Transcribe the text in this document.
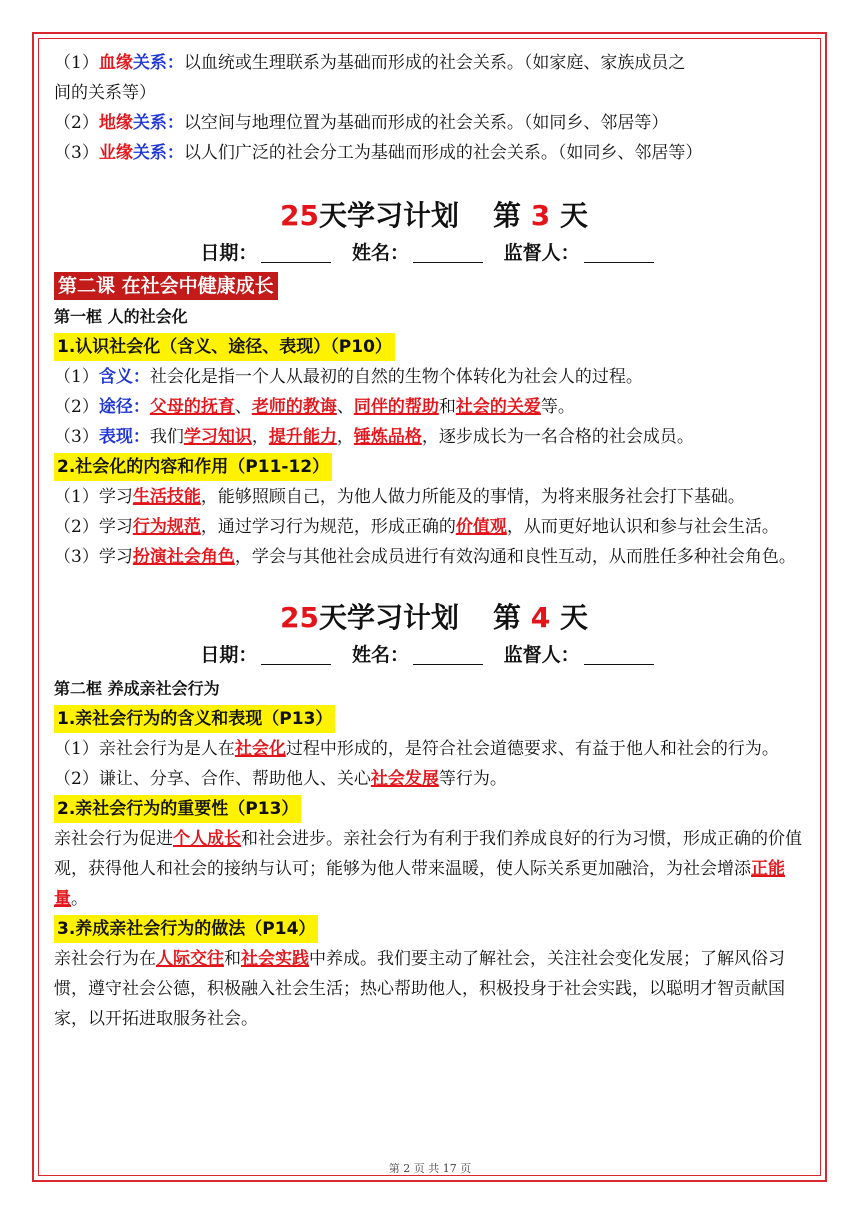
（1）血缘关系：以血统或生理联系为基础而形成的社会关系。（如家庭、家族成员之
间的关系等）
（2）地缘关系：以空间与地理位置为基础而形成的社会关系。（如同乡、邻居等）
（3）业缘关系：以人们广泛的社会分工为基础而形成的社会关系。（如同乡、邻居等）
25天学习计划 第 3 天
日期：	姓名：	监督人：
第二课 在社会中健康成长
第一框 人的社会化
1.认识社会化（含义、途径、表现）（P10）
（1）含义：社会化是指一个人从最初的自然的生物个体转化为社会人的过程。
（2）途径：父母的抚育、老师的教诲、同伴的帮助和社会的关爱等。
（3）表现：我们学习知识，提升能力，锤炼品格，逐步成长为一名合格的社会成员。
2.社会化的内容和作用（P11-12）
（1）学习生活技能，能够照顾自己，为他人做力所能及的事情，为将来服务社会打下基础。
（2）学习行为规范，通过学习行为规范，形成正确的价值观，从而更好地认识和参与社会生活。
（3）学习扮演社会角色，学会与其他社会成员进行有效沟通和良性互动，从而胜任多种社会角色。
25天学习计划 第 4 天
日期：	姓名：	监督人：
第二框 养成亲社会行为
1.亲社会行为的含义和表现（P13）
（1）亲社会行为是人在社会化过程中形成的，是符合社会道德要求、有益于他人和社会的行为。
（2）谦让、分享、合作、帮助他人、关心社会发展等行为。
2.亲社会行为的重要性（P13）
亲社会行为促进个人成长和社会进步。亲社会行为有利于我们养成良好的行为习惯，形成正确的价值观，获得他人和社会的接纳与认可；能够为他人带来温暖，使人际关系更加融洽，为社会增添正能量。
3.养成亲社会行为的做法（P14）
亲社会行为在人际交往和社会实践中养成。我们要主动了解社会，关注社会变化发展；了解风俗习惯，遵守社会公德，积极融入社会生活；热心帮助他人，积极投身于社会实践，以聪明才智贡献国家，以开拓进取服务社会。
第 2 页 共 17 页
